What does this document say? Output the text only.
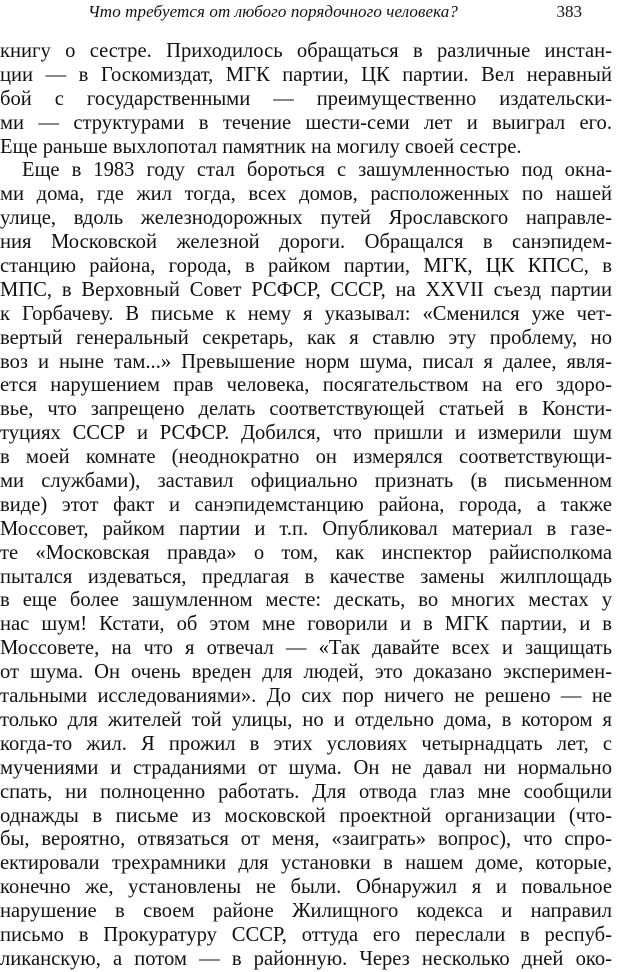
Что требуется от любого порядочного человека?	383
книгу о сестре. Приходилось обращаться в различные инстан-
ции — в Госкомиздат, МГК партии, ЦК партии. Вел неравный
бой с государственными — преимущественно издательски-
ми — структурами в течение шести-семи лет и выиграл его.
Еще раньше выхлопотал памятник на могилу своей сестре.
Еще в 1983 году стал бороться с зашумленностью под окна-
ми дома, где жил тогда, всех домов, расположенных по нашей
улице, вдоль железнодорожных путей Ярославского направле-
ния Московской железной дороги. Обращался в санэпидем-
станцию района, города, в райком партии, МГК, ЦК КПСС, в
МПС, в Верховный Совет РСФСР, СССР, на XXVII съезд партии
к Горбачеву. В письме к нему я указывал: «Сменился уже чет-
вертый генеральный секретарь, как я ставлю эту проблему, но
воз и ныне там...» Превышение норм шума, писал я далее, явля-
ется нарушением прав человека, посягательством на его здоро-
вье, что запрещено делать соответствующей статьей в Консти-
туциях СССР и РСФСР. Добился, что пришли и измерили шум
в моей комнате (неоднократно он измерялся соответствующи-
ми службами), заставил официально признать (в письменном
виде) этот факт и санэпидемстанцию района, города, а также
Моссовет, райком партии и т.п. Опубликовал материал в газе-
те «Московская правда» о том, как инспектор райисполкома
пытался издеваться, предлагая в качестве замены жилплощадь
в еще более зашумленном месте: дескать, во многих местах у
нас шум! Кстати, об этом мне говорили и в МГК партии, и в
Моссовете, на что я отвечал — «Так давайте всех и защищать
от шума. Он очень вреден для людей, это доказано эксперимен-
тальными исследованиями». До сих пор ничего не решено — не
только для жителей той улицы, но и отдельно дома, в котором я
когда-то жил. Я прожил в этих условиях четырнадцать лет, с
мучениями и страданиями от шума. Он не давал ни нормально
спать, ни полноценно работать. Для отвода глаз мне сообщили
однажды в письме из московской проектной организации (что-
бы, вероятно, отвязаться от меня, «заиграть» вопрос), что спро-
ектировали трехрамники для установки в нашем доме, которые,
конечно же, установлены не были. Обнаружил я и повальное
нарушение в своем районе Жилищного кодекса и направил
письмо в Прокуратуру СССР, оттуда его переслали в респуб-
ликанскую, а потом — в районную. Через несколько дней око-
